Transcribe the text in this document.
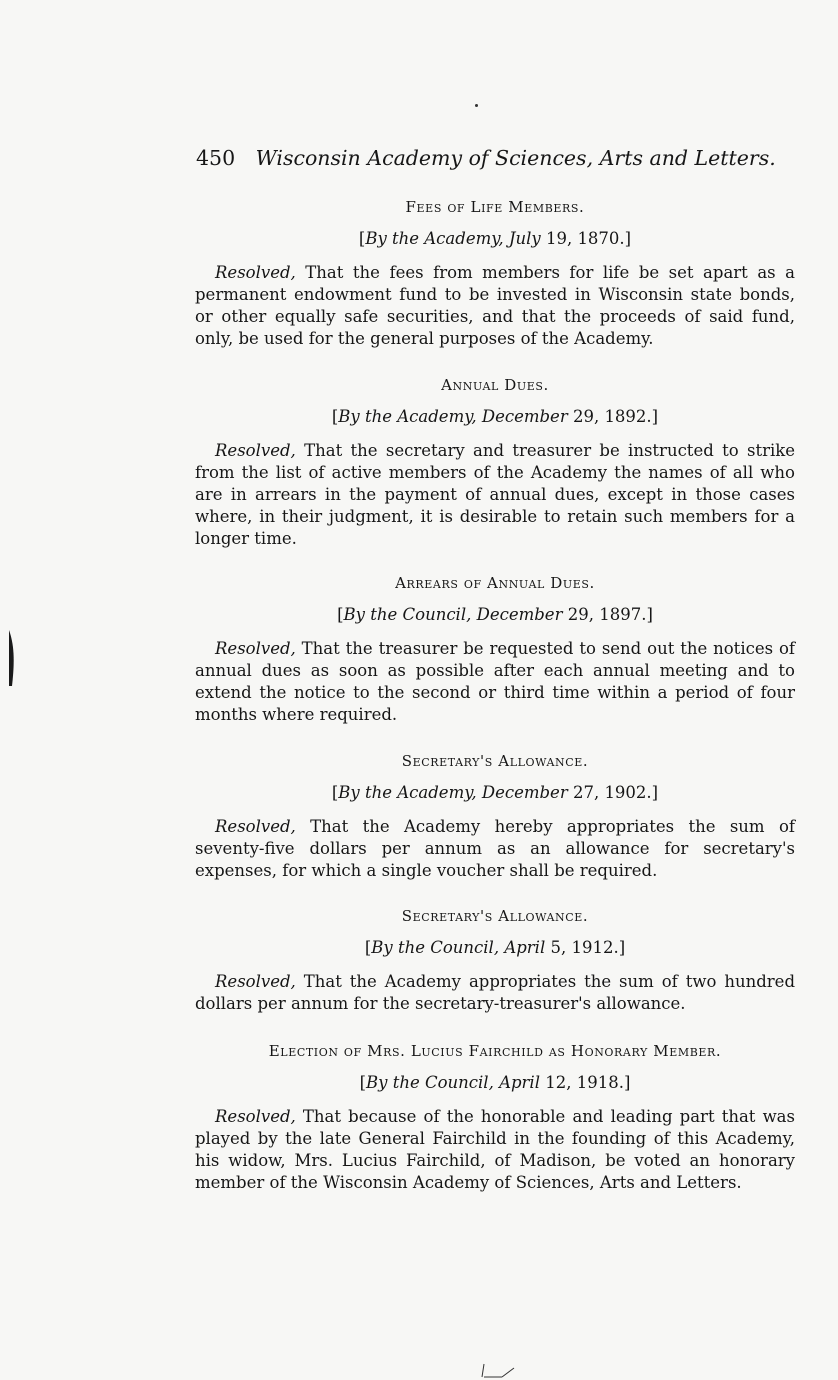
450 Wisconsin Academy of Sciences, Arts and Letters.

Fees of Life Members.

[By the Academy, July 19, 1870.]

Resolved, That the fees from members for life be set apart as a permanent endowment fund to be invested in Wisconsin state bonds, or other equally safe securities, and that the proceeds of said fund, only, be used for the general purposes of the Academy.

Annual Dues.

[By the Academy, December 29, 1892.]

Resolved, That the secretary and treasurer be instructed to strike from the list of active members of the Academy the names of all who are in arrears in the payment of annual dues, except in those cases where, in their judgment, it is desirable to retain such members for a longer time.

Arrears of Annual Dues.

[By the Council, December 29, 1897.]

Resolved, That the treasurer be requested to send out the notices of annual dues as soon as possible after each annual meeting and to extend the notice to the second or third time within a period of four months where required.

Secretary's Allowance.

[By the Academy, December 27, 1902.]

Resolved, That the Academy hereby appropriates the sum of seventy-five dollars per annum as an allowance for secretary's expenses, for which a single voucher shall be required.

Secretary's Allowance.

[By the Council, April 5, 1912.]

Resolved, That the Academy appropriates the sum of two hundred dollars per annum for the secretary-treasurer's allowance.

Election of Mrs. Lucius Fairchild as Honorary Member.

[By the Council, April 12, 1918.]

Resolved, That because of the honorable and leading part that was played by the late General Fairchild in the founding of this Academy, his widow, Mrs. Lucius Fairchild, of Madison, be voted an honorary member of the Wisconsin Academy of Sciences, Arts and Letters.
